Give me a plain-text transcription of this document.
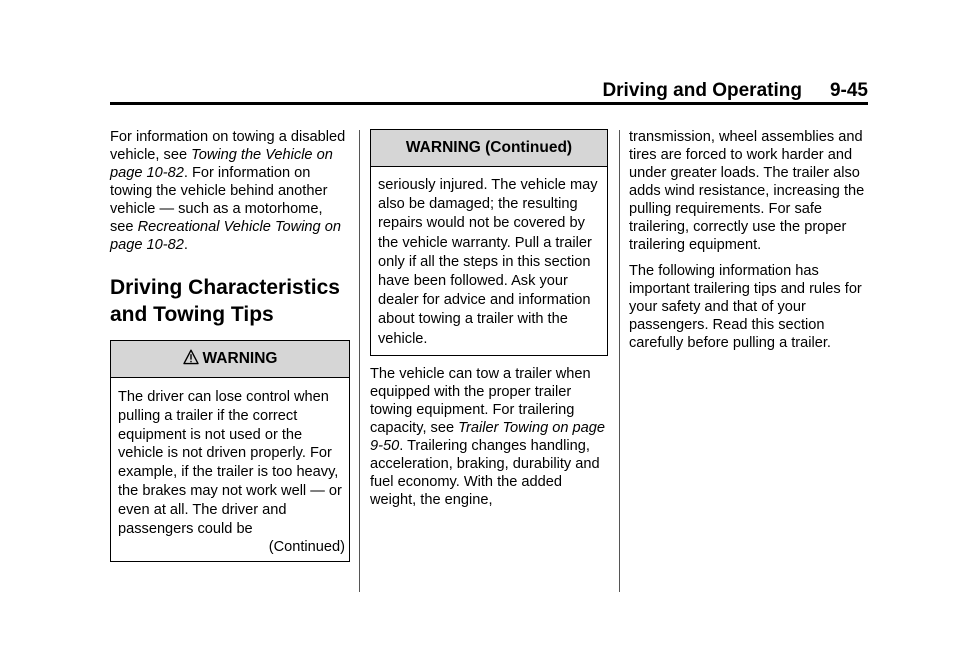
Driving and Operating 9-45

For information on towing a disabled vehicle, see Towing the Vehicle on page 10-82. For information on towing the vehicle behind another vehicle — such as a motorhome, see Recreational Vehicle Towing on page 10-82.

Driving Characteristics and Towing Tips
WARNING

The driver can lose control when pulling a trailer if the correct equipment is not used or the vehicle is not driven properly. For example, if the trailer is too heavy, the brakes may not work well — or even at all. The driver and passengers could be

(Continued)

WARNING (Continued)

seriously injured. The vehicle may also be damaged; the resulting repairs would not be covered by the vehicle warranty. Pull a trailer only if all the steps in this section have been followed. Ask your dealer for advice and information about towing a trailer with the vehicle.

The vehicle can tow a trailer when equipped with the proper trailer towing equipment. For trailering capacity, see Trailer Towing on page 9-50. Trailering changes handling, acceleration, braking, durability and fuel economy. With the added weight, the engine,

transmission, wheel assemblies and tires are forced to work harder and under greater loads. The trailer also adds wind resistance, increasing the pulling requirements. For safe trailering, correctly use the proper trailering equipment.

The following information has important trailering tips and rules for your safety and that of your passengers. Read this section carefully before pulling a trailer.
